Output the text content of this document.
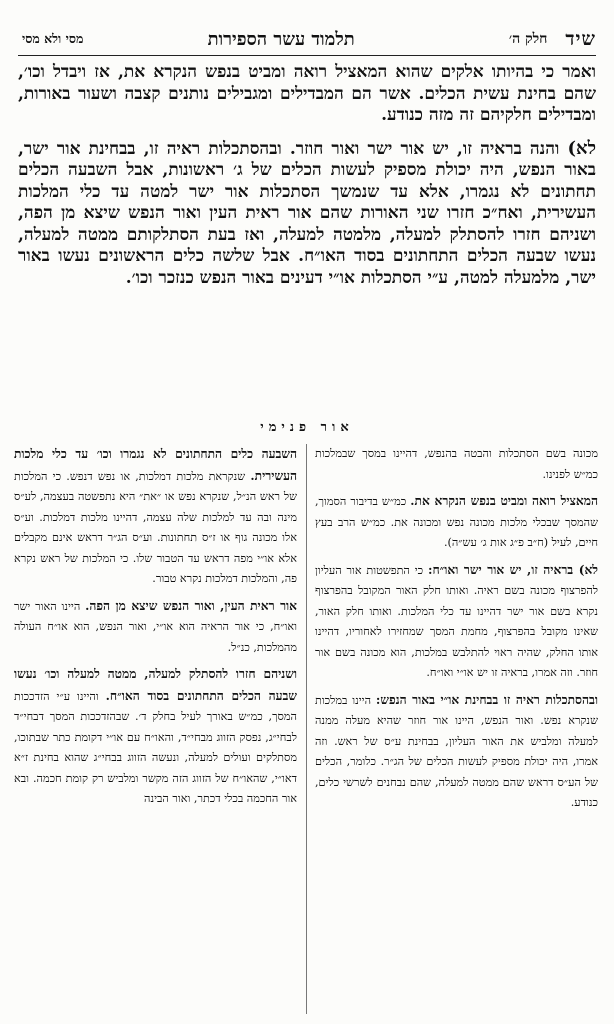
שיד
חלק ה׳
תלמוד עשר הספירות
מסי ולא מסי

ואמר כי בהיותו אלקים שהוא המאציל רואה ומביט בנפש הנקרא את, אז ויבדל וכו׳, שהם בחינת עשית הכלים. אשר הם המבדילים ומגבילים נותנים קצבה ושעור באורות, ומבדילים חלקיהם זה מזה כנודע.

לא) והנה בראיה זו, יש אור ישר ואור חוזר. ובהסתכלות ראיה זו, בבחינת אור ישר, באור הנפש, היה יכולת מספיק לעשות הכלים של ג׳ ראשונות, אבל השבעה הכלים תחתונים לא נגמרו, אלא עד שנמשך הסתכלות אור ישר למטה עד כלי המלכות העשירית, ואח״כ חזרו שני האורות שהם אור ראית העין ואור הנפש שיצא מן הפה, ושניהם חזרו להסתלק למעלה, מלמטה למעלה, ואז בעת הסתלקותם ממטה למעלה, נעשו שבעה הכלים התחתונים בסוד האו״ח. אבל שלשה כלים הראשונים נעשו באור ישר, מלמעלה למטה, ע״י הסתכלות או״י דעינים באור הנפש כנזכר וכו׳.

אור פנימי

מכונה בשם הסתכלות והבטה בהנפש, דהיינו במסך שבמלכות כמ״ש לפנינו.

המאציל רואה ומביט בנפש הנקרא את. כמ״ש בדיבור הסמוך, שהמסך שבכלי מלכות מכונה נפש ומכונה את. כמ״ש הרב בעץ חיים, לעיל (ח״ב פ״ג אות ג׳ עש״ה).

לא) בראיה זו, יש אור ישר ואו״ח: כי התפשטות אור העליון להפרצוף מכונה בשם ראיה. ואותו חלק האור המקובל בהפרצוף נקרא בשם אור ישר דהיינו עד כלי המלכות. ואותו חלק האור, שאינו מקובל בהפרצוף, מחמת המסך שמחזירו לאחוריו, דהיינו אותו החלק, שהיה ראוי להתלבש במלכות, הוא מכונה בשם אור חוזר. וזה אמרו, בראיה זו יש או״י ואו״ח.

ובהסתכלות ראיה זו בבחינת או״י באור הנפש: היינו במלכות שנקרא נפש. ואור הנפש, היינו אור חוזר שהיא מעלה ממנה למעלה ומלביש את האור העליון, בבחינת ע״ס של ראש. וזה אמרו, היה יכולת מספיק לעשות הכלים של הג״ר. כלומר, הכלים של הע״ס דראש שהם ממטה למעלה, שהם נבחנים לשרשי כלים, כנודע.

השבעה כלים התחתונים לא נגמרו וכו׳ עד כלי מלכות העשירית. שנקראת מלכות דמלכות, או נפש דנפש. כי המלכות של ראש הנ״ל, שנקרא נפש או ״את״ היא נתפשטה בעצמה, לע״ס מינה ובה עד למלכות שלה עצמה, דהיינו מלכות דמלכות. וע״ס אלו מכונה גוף או ז״ס תחתונות. וע״ס הג״ר דראש אינם מקבלים אלא או״י מפה דראש עד הטבור שלו. כי המלכות של ראש נקרא פה, והמלכות דמלכות נקרא טבור.

אור ראית העין, ואור הנפש שיצא מן הפה. היינו האור ישר ואו״ח, כי אור הראיה הוא או״י, ואור הנפש, הוא או״ח העולה מהמלכות, כנ״ל.

ושניהם חזרו להסתלק למעלה, ממטה למעלה וכו׳ נעשו שבעה הכלים התחתונים בסוד האו״ח. והיינו ע״י הזדככות המסך, כמ״ש באורך לעיל בחלק ד׳. שבהזדככות המסך דבחי״ד לבחי״ג, נפסק הזווג מבחי״ד, והאו״ח עם או״י דקומת כתר שבתוכו, מסתלקים ועולים למעלה, ונעשה הזווג בבחי״ג שהוא בחינת ז״א דאו״י, שהאו״ח של הזווג הזה מקשר ומלביש רק קומת חכמה. ובא אור החכמה בכלי דכתר, ואור הבינה
